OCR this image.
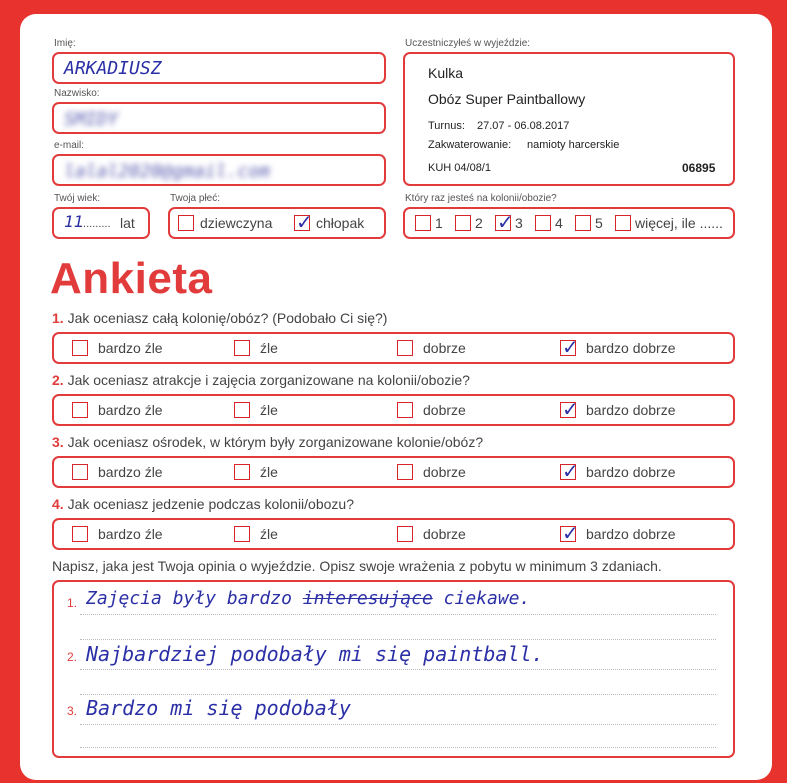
Imię:
ARKADIUSZ
Nazwisko:
SMIDY
e-mail:
lalal2020@gmail.com
Twój wiek:
11
.......... lat
Twoja płeć:
dziewczyna ✓	chłopak
Uczestniczyłeś w wyjeździe:
Kulka
Obóz Super Paintballowy
Turnus: 27.07 - 06.08.2017
Zakwaterowanie: namioty harcerskie
KUH 04/08/1	06895
Który raz jesteś na kolonii/obozie?
1 2 ✓ 3 4 5 więcej, ile ......
Ankieta
1. Jak oceniasz całą kolonię/obóz? (Podobało Ci się?)
bardzo źle	źle	dobrze ✓	bardzo dobrze
2. Jak oceniasz atrakcje i zajęcia zorganizowane na kolonii/obozie?
bardzo źle	źle	dobrze ✓	bardzo dobrze
3. Jak oceniasz ośrodek, w którym były zorganizowane kolonie/obóz?
bardzo źle	źle	dobrze ✓	bardzo dobrze
4. Jak oceniasz jedzenie podczas kolonii/obozu?
bardzo źle	źle	dobrze ✓	bardzo dobrze
Napisz, jaka jest Twoja opinia o wyjeździe. Opisz swoje wrażenia z pobytu w minimum 3 zdaniach.
1. Zajęcia były bardzo interesujące ciekawe.
2. Najbardziej podobały mi się paintball.
3. Bardzo mi się podobały
